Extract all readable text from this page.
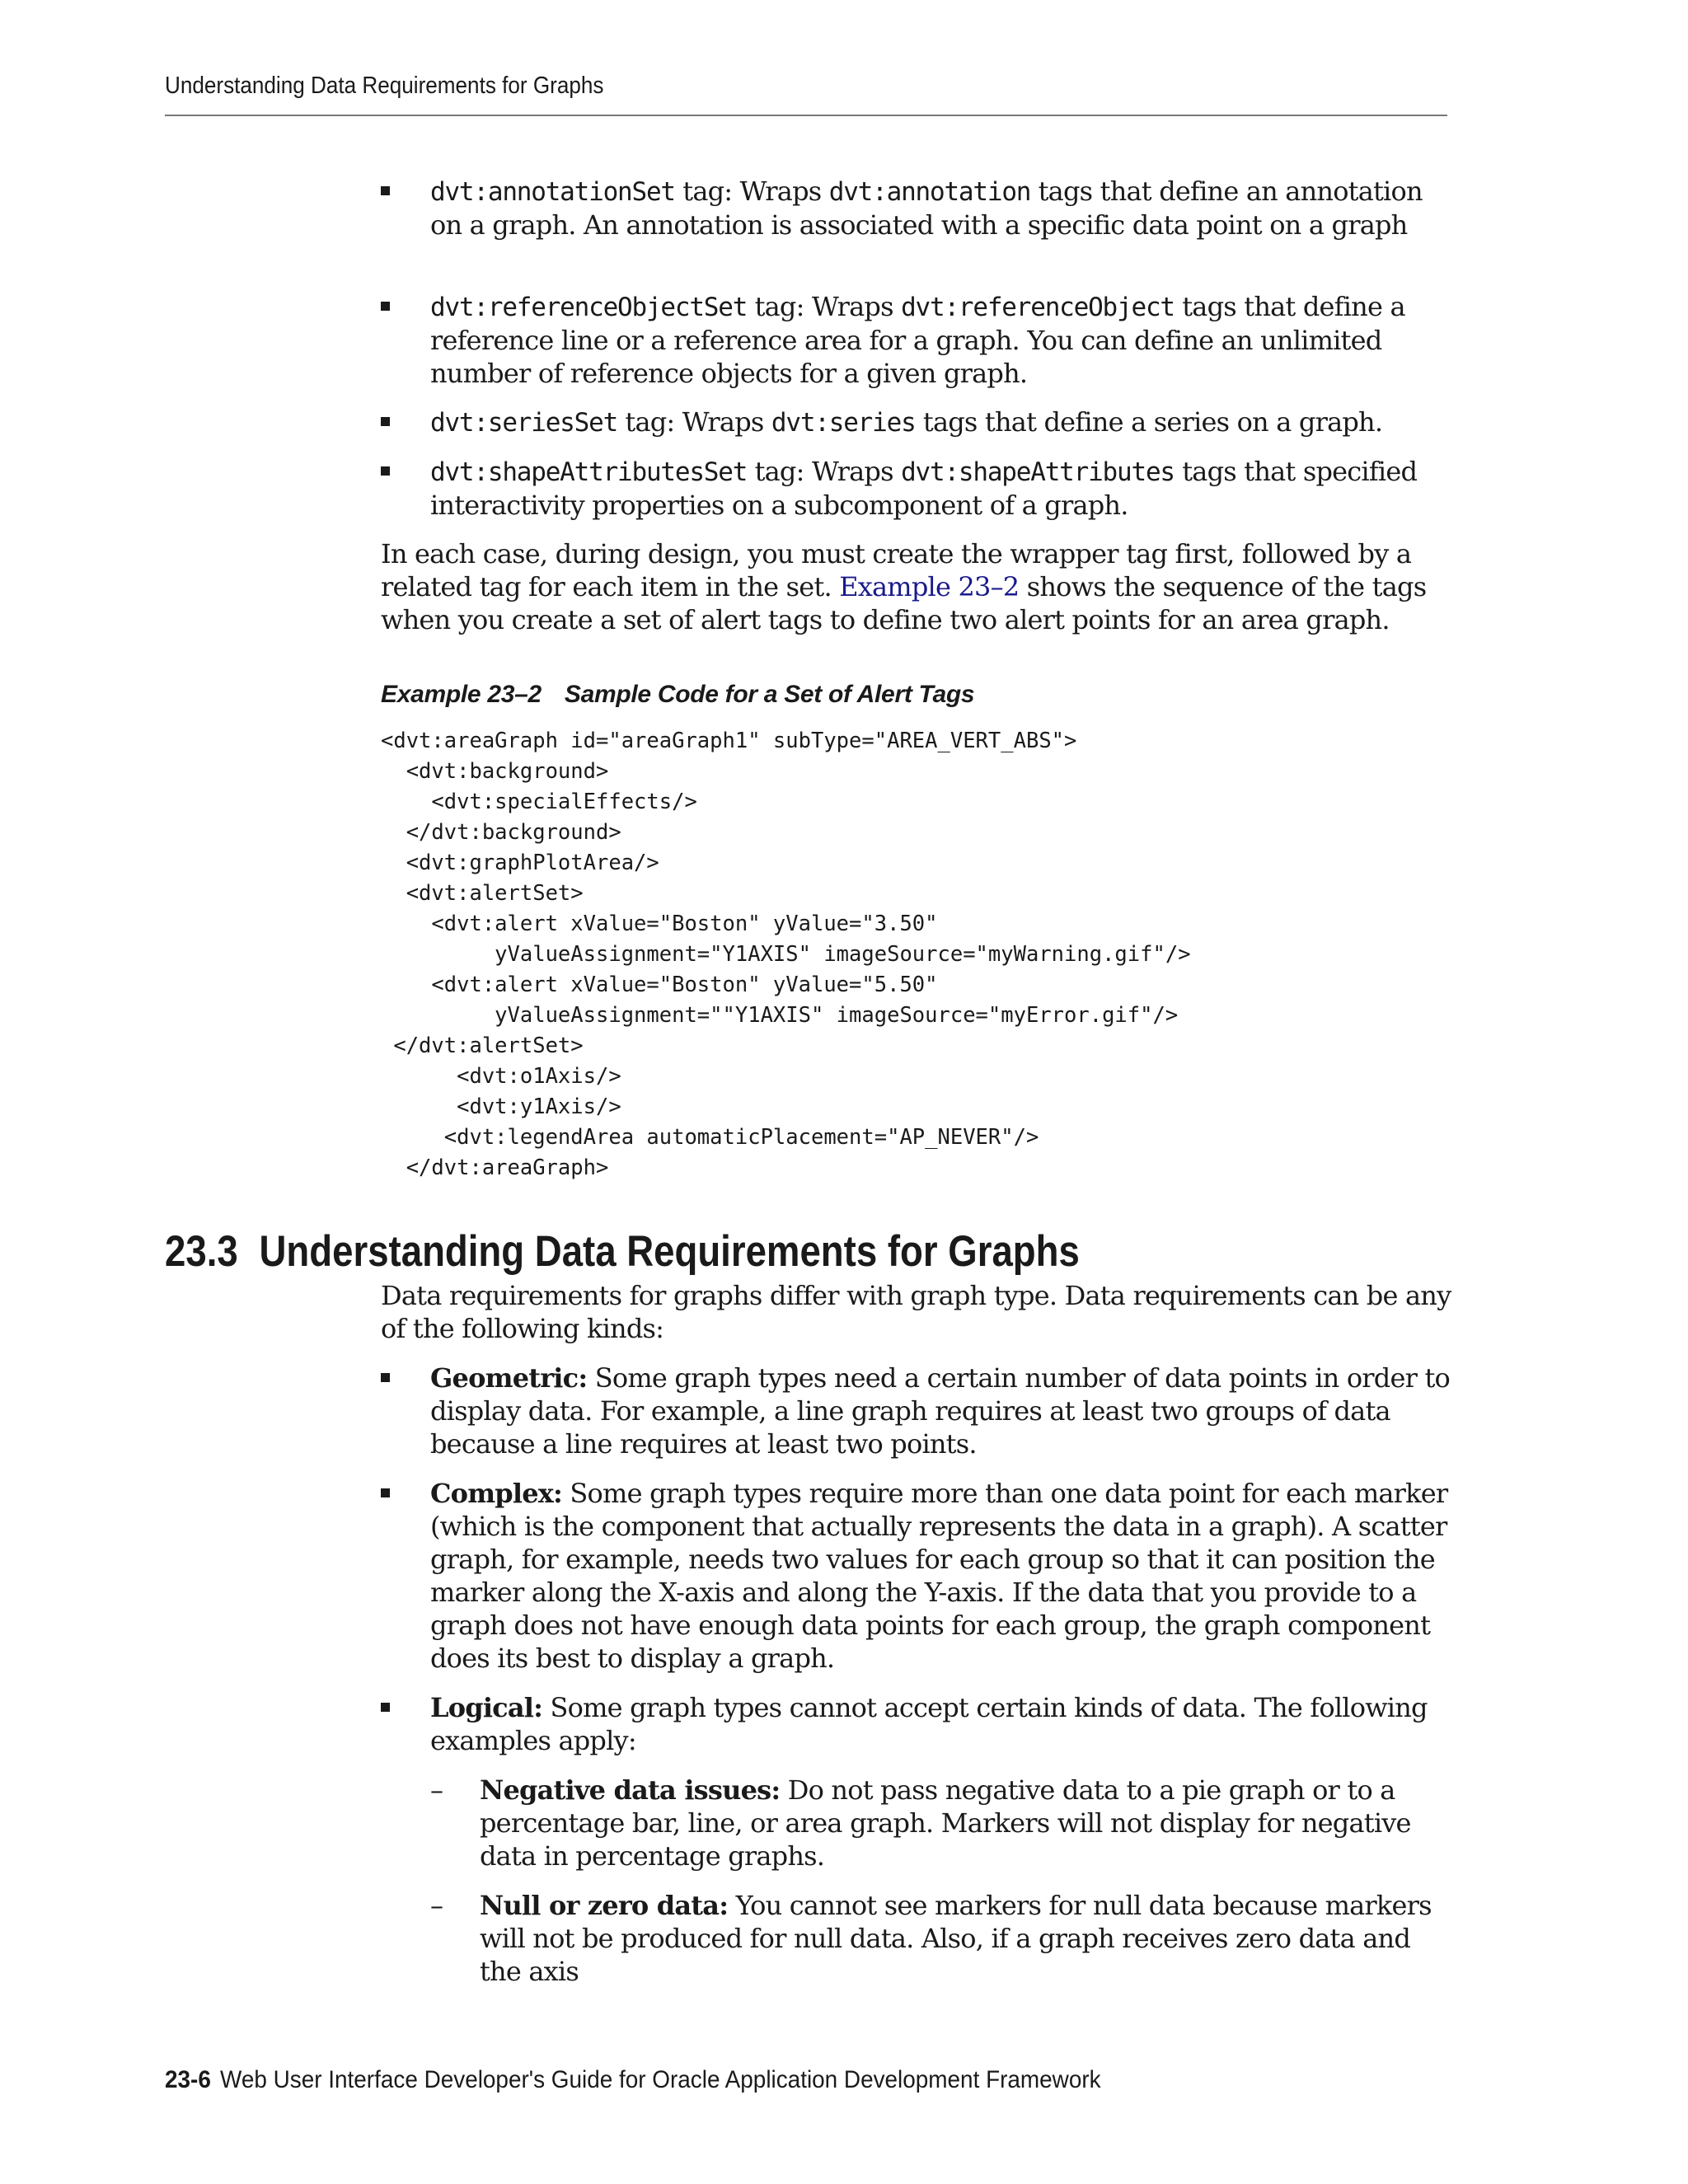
Understanding Data Requirements for Graphs

dvt:annotationSet tag: Wraps dvt:annotation tags that define an annotation on a graph. An annotation is associated with a specific data point on a graph

dvt:referenceObjectSet tag: Wraps dvt:referenceObject tags that define a reference line or a reference area for a graph. You can define an unlimited number of reference objects for a given graph.

dvt:seriesSet tag: Wraps dvt:series tags that define a series on a graph.

dvt:shapeAttributesSet tag: Wraps dvt:shapeAttributes tags that specified interactivity properties on a subcomponent of a graph.

In each case, during design, you must create the wrapper tag first, followed by a related tag for each item in the set. Example 23–2 shows the sequence of the tags when you create a set of alert tags to define two alert points for an area graph.

Example 23–2 Sample Code for a Set of Alert Tags
<dvt:areaGraph id="areaGraph1" subType="AREA_VERT_ABS">
<dvt:background>
<dvt:specialEffects/>
</dvt:background>
<dvt:graphPlotArea/>
<dvt:alertSet>
<dvt:alert xValue="Boston" yValue="3.50"
yValueAssignment="Y1AXIS" imageSource="myWarning.gif"/>
<dvt:alert xValue="Boston" yValue="5.50"
yValueAssignment=""Y1AXIS" imageSource="myError.gif"/>
</dvt:alertSet>
<dvt:o1Axis/>
<dvt:y1Axis/>
<dvt:legendArea automaticPlacement="AP_NEVER"/>
</dvt:areaGraph>
23.3 Understanding Data Requirements for Graphs

Data requirements for graphs differ with graph type. Data requirements can be any of the following kinds:

Geometric: Some graph types need a certain number of data points in order to display data. For example, a line graph requires at least two groups of data because a line requires at least two points.

Complex: Some graph types require more than one data point for each marker (which is the component that actually represents the data in a graph). A scatter graph, for example, needs two values for each group so that it can position the marker along the X-axis and along the Y-axis. If the data that you provide to a graph does not have enough data points for each group, the graph component does its best to display a graph.

Logical: Some graph types cannot accept certain kinds of data. The following examples apply:

– Negative data issues: Do not pass negative data to a pie graph or to a percentage bar, line, or area graph. Markers will not display for negative data in percentage graphs.

– Null or zero data: You cannot see markers for null data because markers will not be produced for null data. Also, if a graph receives zero data and the axis

23-6 Web User Interface Developer's Guide for Oracle Application Development Framework
